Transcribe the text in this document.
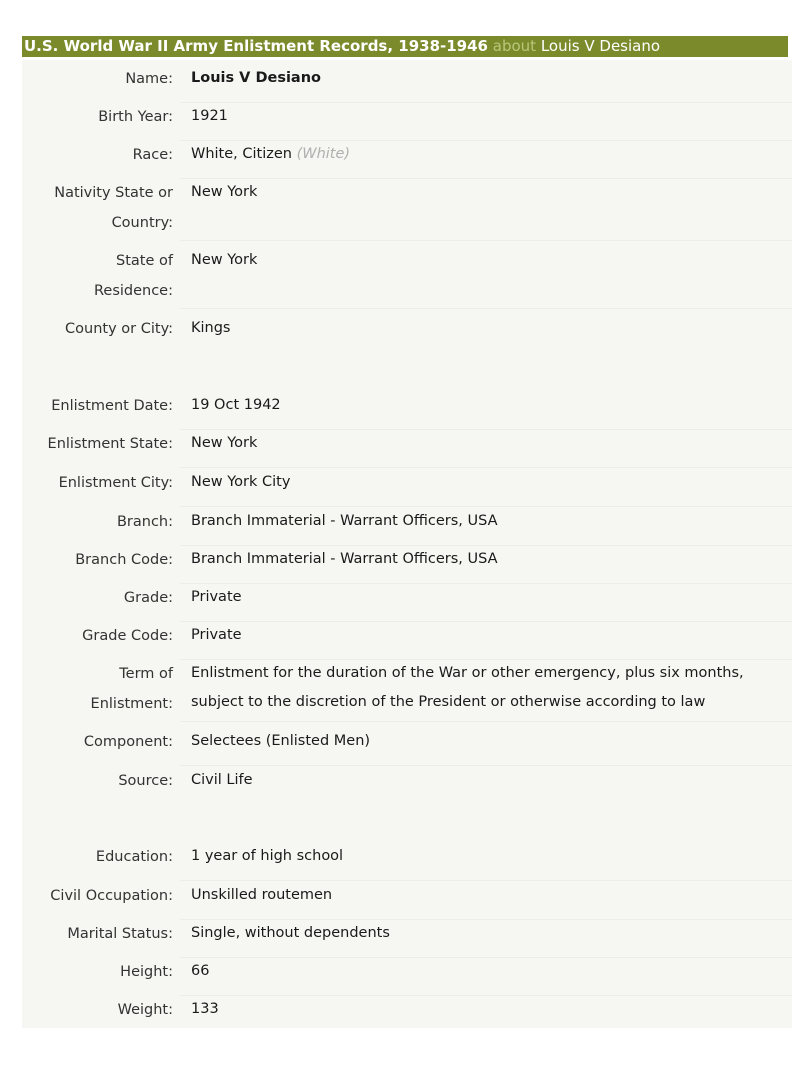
U.S. World War II Army Enlistment Records, 1938-1946 about Louis V Desiano
Name: Louis V Desiano
Birth Year: 1921
Race: White, Citizen (White)
Nativity State or
Country:
New York
State of
Residence:
New York
County or City: Kings
Enlistment Date: 19 Oct 1942
Enlistment State: New York
Enlistment City: New York City
Branch: Branch Immaterial - Warrant Officers, USA
Branch Code: Branch Immaterial - Warrant Officers, USA
Grade: Private
Grade Code: Private
Term of
Enlistment:
Enlistment for the duration of the War or other emergency, plus six months,
subject to the discretion of the President or otherwise according to law
Component: Selectees (Enlisted Men)
Source: Civil Life
Education: 1 year of high school
Civil Occupation: Unskilled routemen
Marital Status: Single, without dependents
Height: 66
Weight: 133
